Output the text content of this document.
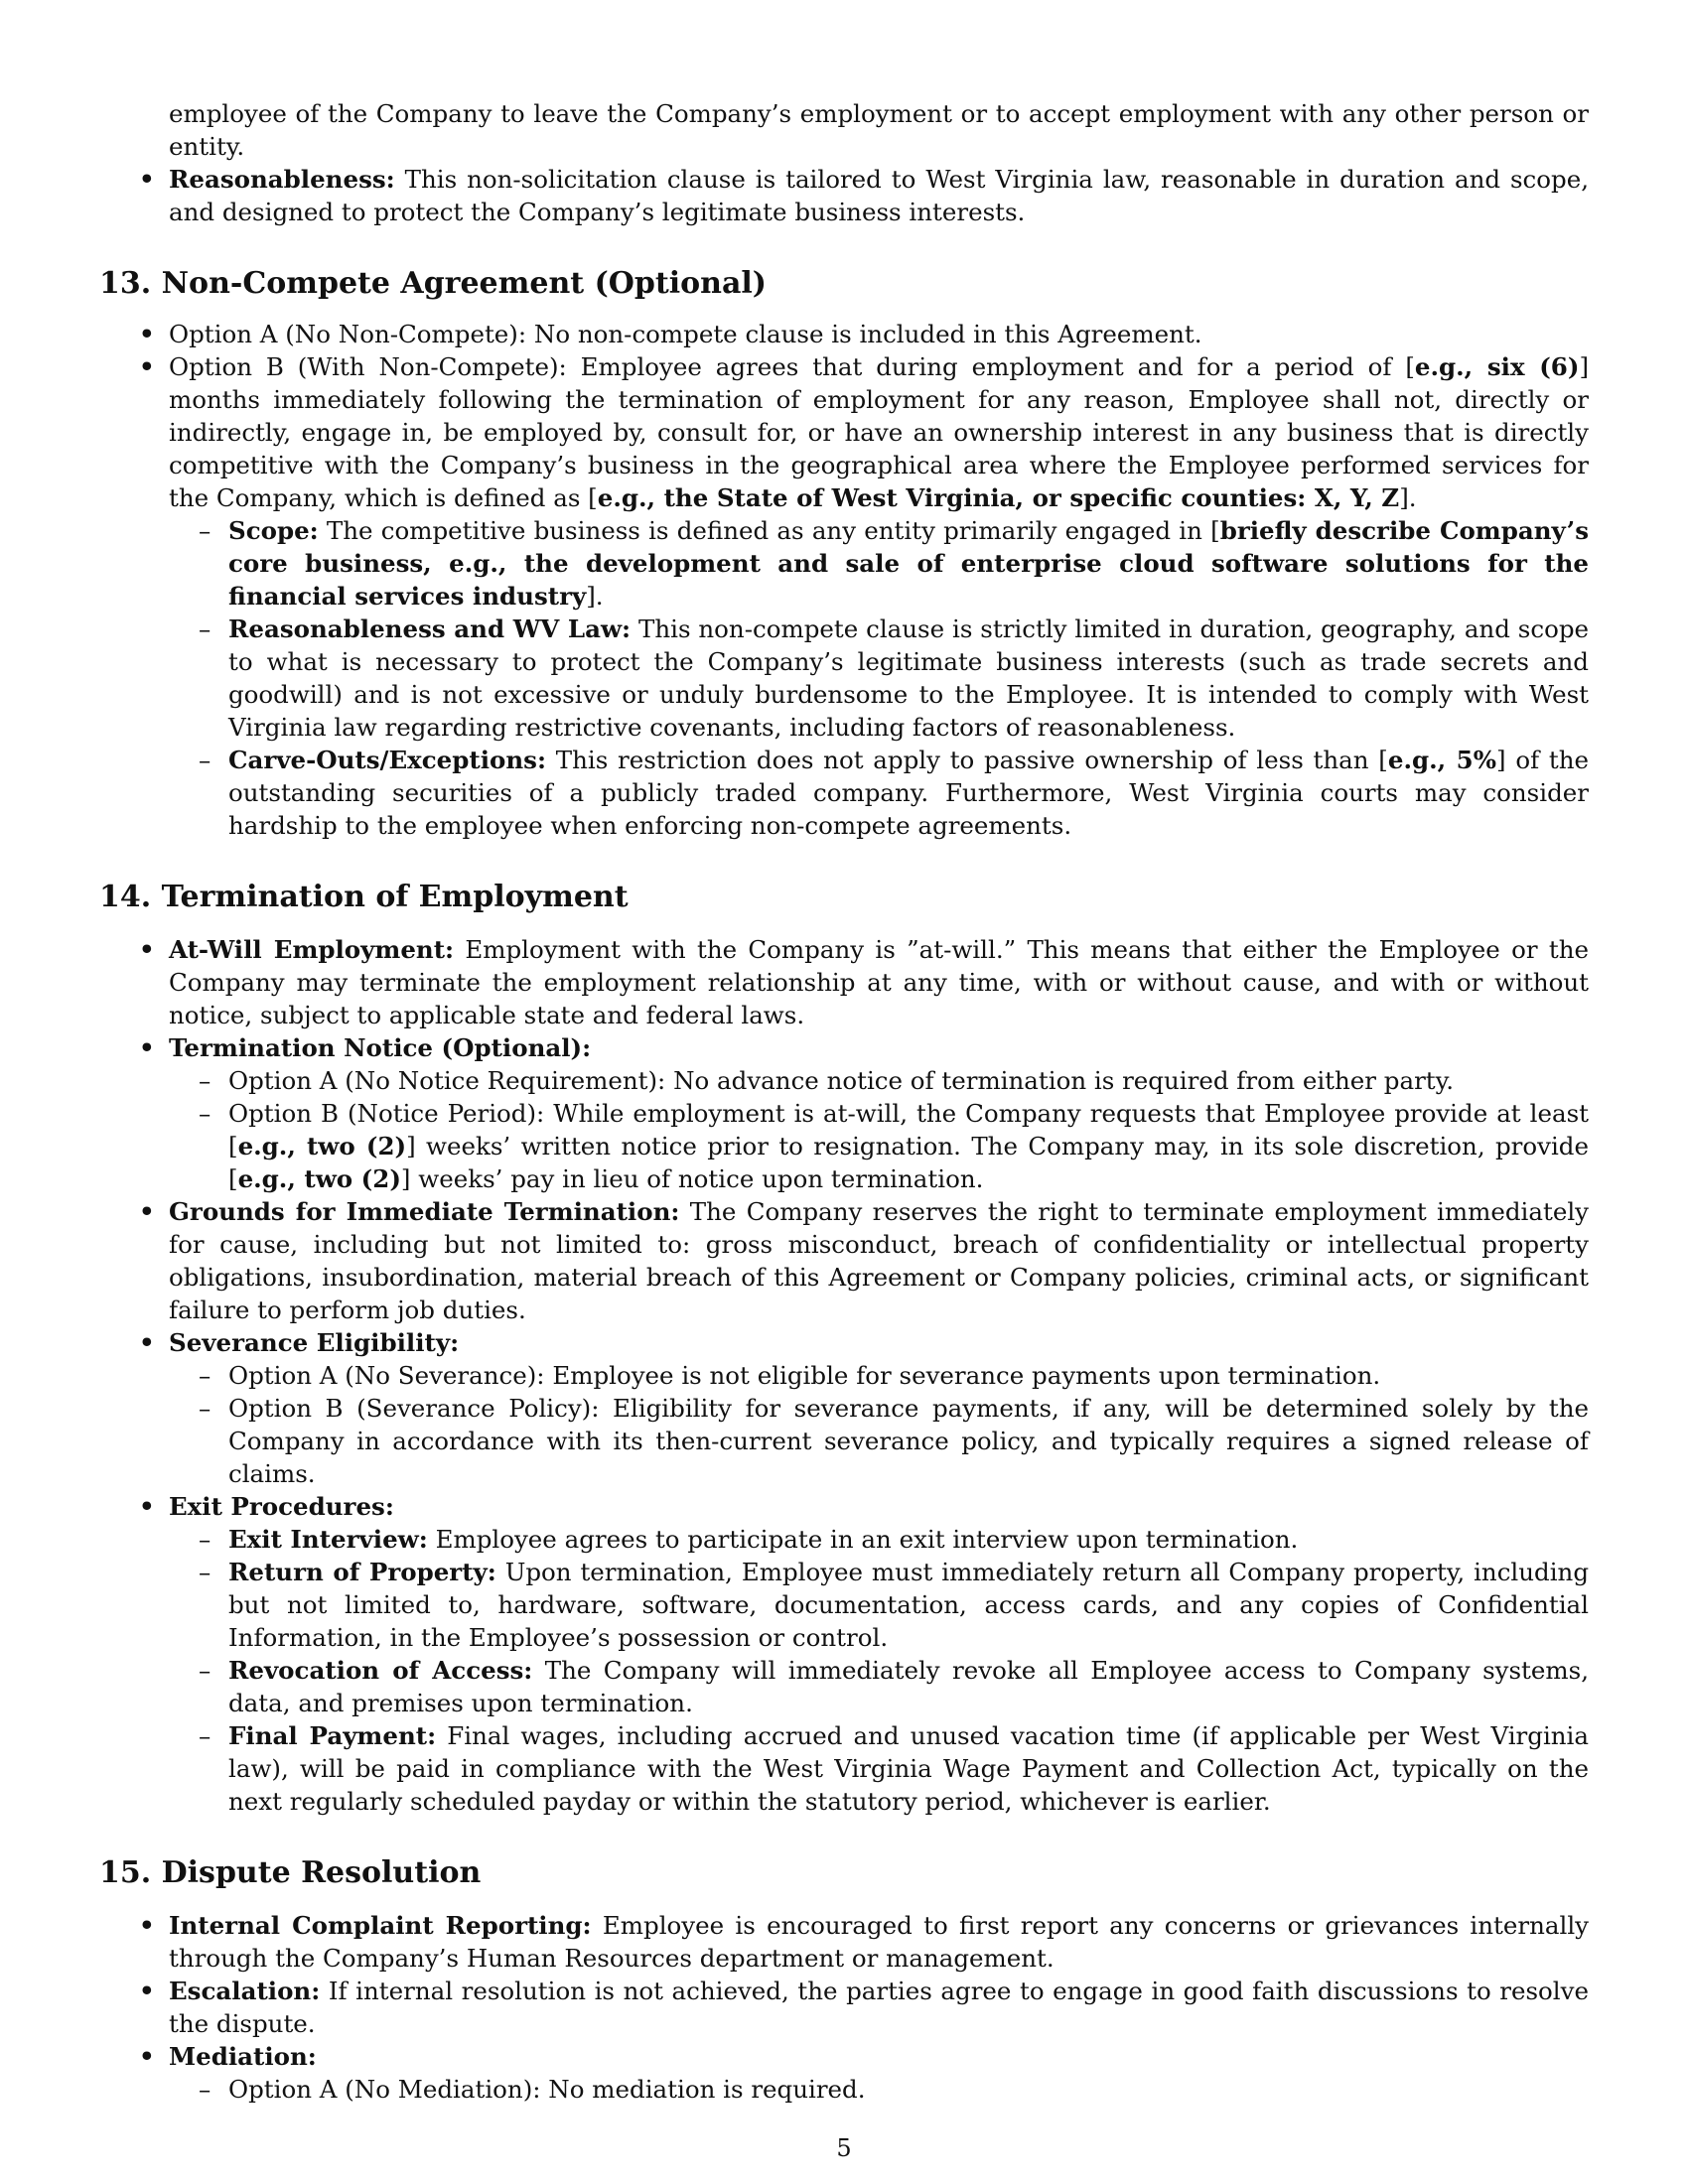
employee of the Company to leave the Company’s employment or to accept employment with any other person or entity.

• Reasonableness: This non-solicitation clause is tailored to West Virginia law, reasonable in duration and scope, and designed to protect the Company’s legitimate business interests.

13. Non-Compete Agreement (Optional)

• Option A (No Non-Compete): No non-compete clause is included in this Agreement.

• Option B (With Non-Compete): Employee agrees that during employment and for a period of [e.g., six (6)] months immediately following the termination of employment for any reason, Employee shall not, directly or indirectly, engage in, be employed by, consult for, or have an ownership interest in any business that is directly competitive with the Company’s business in the geographical area where the Employee performed services for the Company, which is defined as [e.g., the State of West Virginia, or specific counties: X, Y, Z].

– Scope: The competitive business is defined as any entity primarily engaged in [briefly describe Company’s core business, e.g., the development and sale of enterprise cloud software solutions for the financial services industry].

– Reasonableness and WV Law: This non-compete clause is strictly limited in duration, geography, and scope to what is necessary to protect the Company’s legitimate business interests (such as trade secrets and goodwill) and is not excessive or unduly burdensome to the Employee. It is intended to comply with West Virginia law regarding restrictive covenants, including factors of reasonableness.

– Carve-Outs/Exceptions: This restriction does not apply to passive ownership of less than [e.g., 5%] of the outstanding securities of a publicly traded company. Furthermore, West Virginia courts may consider hardship to the employee when enforcing non-compete agreements.

14. Termination of Employment

• At-Will Employment: Employment with the Company is ”at-will.” This means that either the Employee or the Company may terminate the employment relationship at any time, with or without cause, and with or without notice, subject to applicable state and federal laws.

• Termination Notice (Optional):

– Option A (No Notice Requirement): No advance notice of termination is required from either party.

– Option B (Notice Period): While employment is at-will, the Company requests that Employee provide at least [e.g., two (2)] weeks’ written notice prior to resignation. The Company may, in its sole discretion, provide [e.g., two (2)] weeks’ pay in lieu of notice upon termination.

• Grounds for Immediate Termination: The Company reserves the right to terminate employment immediately for cause, including but not limited to: gross misconduct, breach of confidentiality or intellectual property obligations, insubordination, material breach of this Agreement or Company policies, criminal acts, or significant failure to perform job duties.

• Severance Eligibility:

– Option A (No Severance): Employee is not eligible for severance payments upon termination.

– Option B (Severance Policy): Eligibility for severance payments, if any, will be determined solely by the Company in accordance with its then-current severance policy, and typically requires a signed release of claims.

• Exit Procedures:

– Exit Interview: Employee agrees to participate in an exit interview upon termination.

– Return of Property: Upon termination, Employee must immediately return all Company property, including but not limited to, hardware, software, documentation, access cards, and any copies of Confidential Information, in the Employee’s possession or control.

– Revocation of Access: The Company will immediately revoke all Employee access to Company systems, data, and premises upon termination.

– Final Payment: Final wages, including accrued and unused vacation time (if applicable per West Virginia law), will be paid in compliance with the West Virginia Wage Payment and Collection Act, typically on the next regularly scheduled payday or within the statutory period, whichever is earlier.

15. Dispute Resolution

• Internal Complaint Reporting: Employee is encouraged to first report any concerns or grievances internally through the Company’s Human Resources department or management.

• Escalation: If internal resolution is not achieved, the parties agree to engage in good faith discussions to resolve the dispute.

• Mediation:

– Option A (No Mediation): No mediation is required.

5
